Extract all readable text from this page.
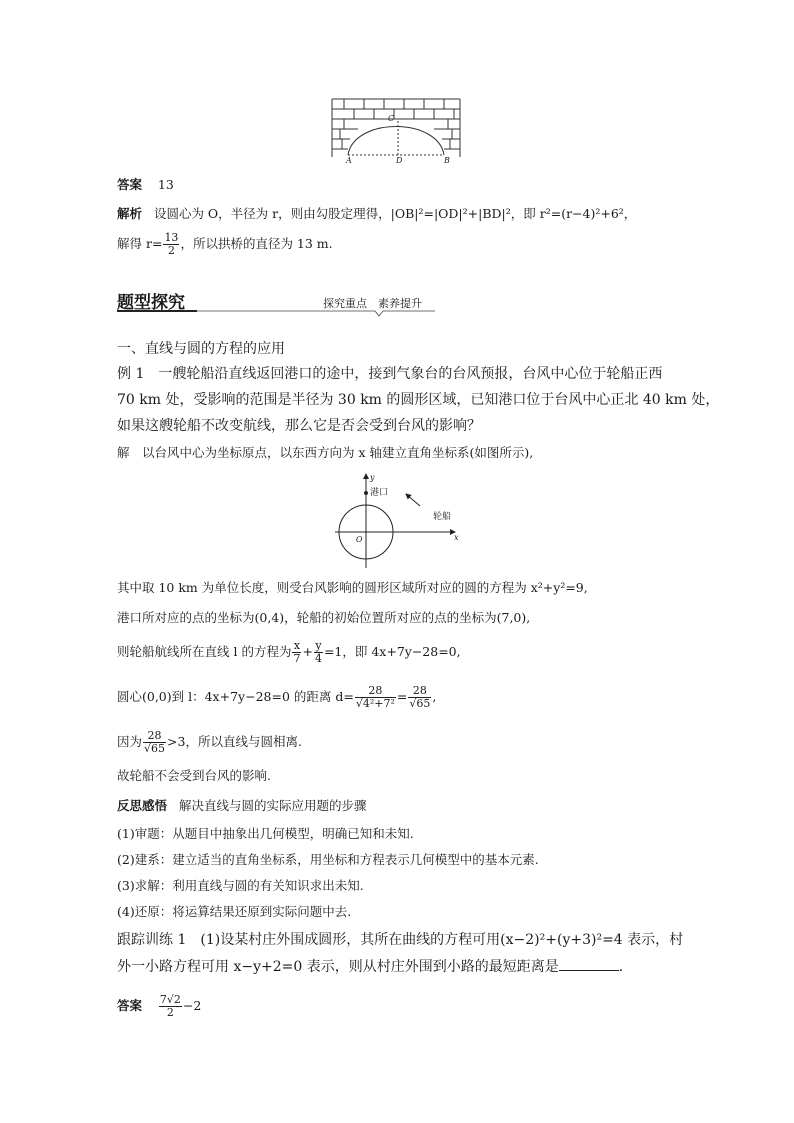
C
A	D	B
答案 13
解析 设圆心为 O，半径为 r，则由勾股定理得，|OB|²=|OD|²+|BD|²，即 r²=(r−4)²+6²，
解得 $r= \frac{13}{2}$ ，所以拱桥的直径为 13 m.
题型探究	探究重点　素养提升
一、直线与圆的方程的应用
例 1　一艘轮船沿直线返回港口的途中，接到气象台的台风预报，台风中心位于轮船正西
70 km 处，受影响的范围是半径为 30 km 的圆形区域，已知港口位于台风中心正北 40 km 处，
如果这艘轮船不改变航线，那么它是否会受到台风的影响？
解　以台风中心为坐标原点，以东西方向为 x 轴建立直角坐标系(如图所示),
y
港口
轮船
x
O
其中取 10 km 为单位长度，则受台风影响的圆形区域所对应的圆的方程为 x²+y²=9,
港口所对应的点的坐标为(0,4)，轮船的初始位置所对应的点的坐标为(7,0),
则轮船航线所在直线 l 的方程为 $\frac{x}{7} + \frac{y}{4} =1$，即 4x+7y−28=0,
圆心(0,0)到 l：4x+7y−28=0 的距离 $d= \frac{28}{\text{√4²+7²}} = \frac{28}{√65}$ ,
因为 $\frac{28}{√65} >3$，所以直线与圆相离.
故轮船不会受到台风的影响.
反思感悟 解决直线与圆的实际应用题的步骤
(1)审题：从题目中抽象出几何模型，明确已知和未知.
(2)建系：建立适当的直角坐标系，用坐标和方程表示几何模型中的基本元素.
(3)求解：利用直线与圆的有关知识求出未知.
(4)还原：将运算结果还原到实际问题中去.
跟踪训练 1　(1)设某村庄外围成圆形，其所在曲线的方程可用(x−2)²+(y+3)²=4 表示，村
外一小路方程可用 x−y+2=0 表示，则从村庄外围到小路的最短距离是	.
答案 $\frac{7√2}{2} -2$
